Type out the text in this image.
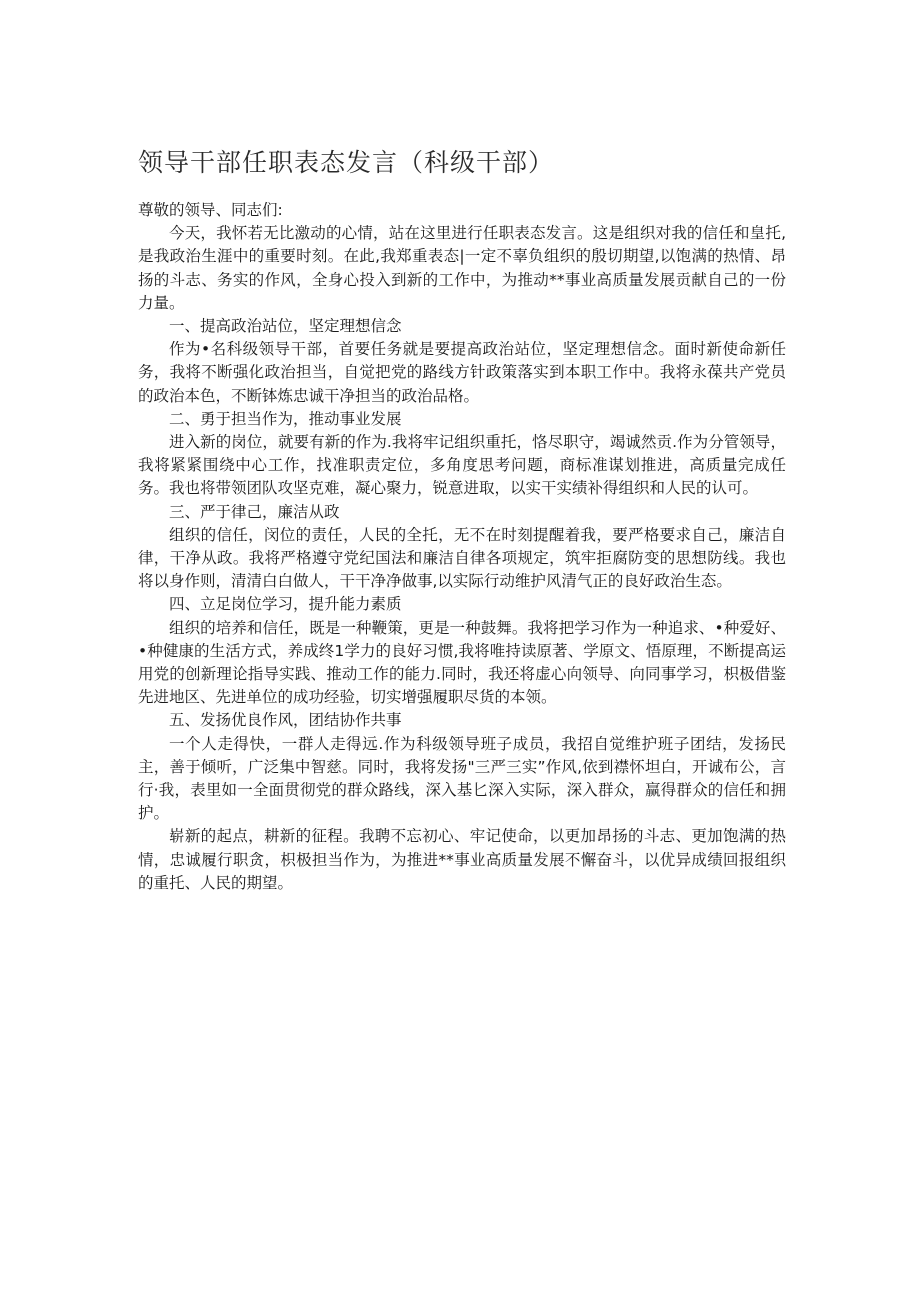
领导干部任职表态发言（科级干部）

尊敬的领导、同志们:

今天，我怀若无比激动的心情，站在这里进行任职表态发言。这是组织对我的信任和皇托,是我政治生涯中的重要时刻。在此,我郑重表态|一定不辜负组织的殷切期望,以饱满的热情、昂扬的斗志、务实的作风，全身心投入到新的工作中，为推动**事业高质量发展贡献自己的一份力量。

一、提高政治站位，坚定理想信念

作为•名科级领导干部，首要任务就是要提高政治站位，坚定理想信念。面时新使命新任务，我将不断强化政治担当，自觉把党的路线方针政策落实到本职工作中。我将永葆共产党员的政治本色，不断钵炼忠诚干净担当的政治品格。

二、勇于担当作为，推动事业发展

进入新的岗位，就要有新的作为.我将牢记组织重托，恪尽职守，竭诚然贡.作为分管领导，我将紧紧围绕中心工作，找准职责定位，多角度思考问题，商标准谋划推进，高质量完成任务。我也将带领团队攻坚克难，凝心聚力，锐意进取，以实干实绩补得组织和人民的认可。

三、严于律己，廉洁从政

组织的信任，闵位的责任，人民的全托，无不在时刻提醒着我，要严格要求自己，廉洁自律，干净从政。我将严格遵守党纪国法和廉洁自律各项规定，筑牢拒腐防变的思想防线。我也将以身作则，清清白白做人，干干净净做事,以实际行动维护风清气正的良好政治生态。

四、立足岗位学习，提升能力素质

组织的培养和信任，既是一种鞭策，更是一种鼓舞。我将把学习作为一种追求、•种爱好、•种健康的生活方式，养成终1学力的良好习惯,我将唯持读原著、学原文、悟原理，不断提高运用党的创新理论指导实践、推动工作的能力.同时，我还将虚心向领导、向同事学习，枳极借鉴先进地区、先进单位的成功经验，切实增强履职尽货的本领。

五、发扬优良作风，团结协作共事

一个人走得快，一群人走得远.作为科级领导班子成员，我招自觉维护班子团结，发扬民主，善于倾听，广泛集中智慈。同时，我将发扬"三严三实”作风,依到襟怀坦白，开诚布公，言行·我，表里如一全面贯彻党的群众路线，深入基匕深入实际，深入群众，赢得群众的信任和拥护。

崭新的起点，耕新的征程。我聘不忘初心、牢记使命，以更加昂扬的斗志、更加饱满的热情，忠诚履行职贪，枳极担当作为，为推进**事业高质量发展不懈奋斗，以优异成绩回报组织的重托、人民的期望。
